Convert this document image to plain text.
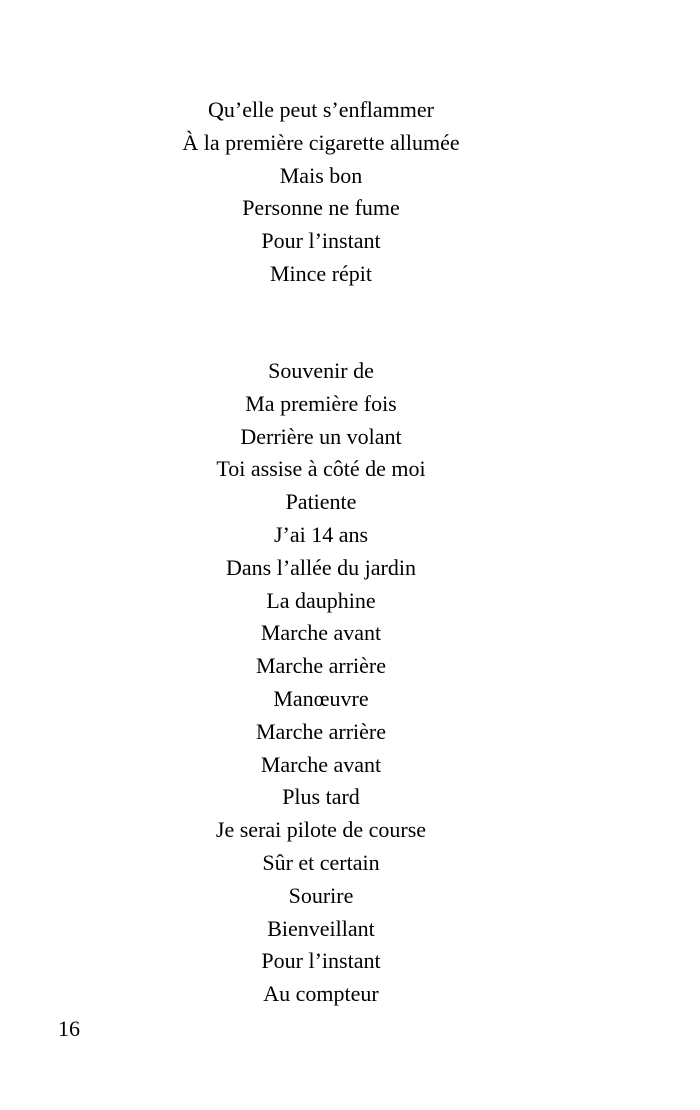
Qu’elle peut s’enflammer
À la première cigarette allumée
Mais bon
Personne ne fume
Pour l’instant
Mince répit
Souvenir de
Ma première fois
Derrière un volant
Toi assise à côté de moi
Patiente
J’ai 14 ans
Dans l’allée du jardin
La dauphine
Marche avant
Marche arrière
Manœuvre
Marche arrière
Marche avant
Plus tard
Je serai pilote de course
Sûr et certain
Sourire
Bienveillant
Pour l’instant
Au compteur
16
